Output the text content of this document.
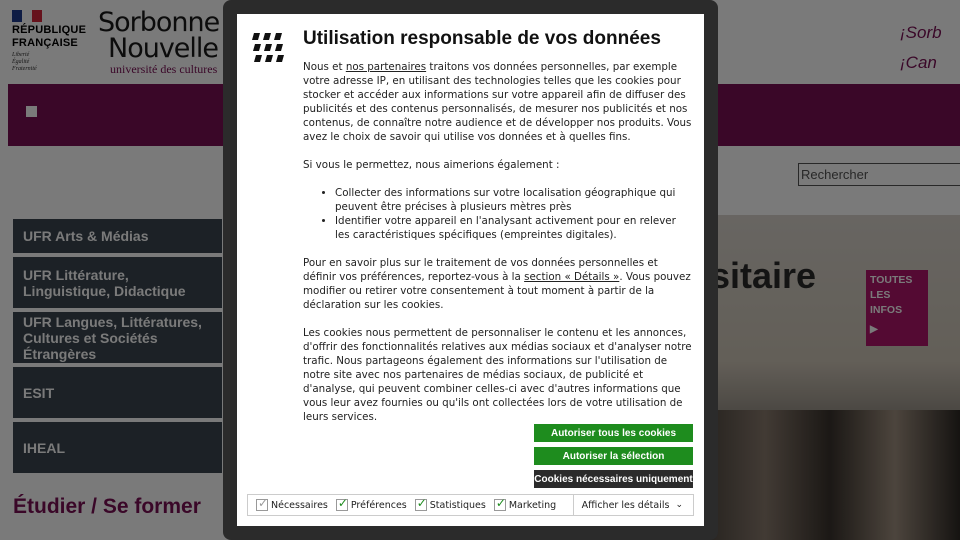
Utilisation responsable de vos données

Nous et nos partenaires traitons vos données personnelles, par exemple votre adresse IP, en utilisant des technologies telles que les cookies pour stocker et accéder aux informations sur votre appareil afin de diffuser des publicités et des contenus personnalisés, de mesurer nos publicités et nos contenus, de connaître notre audience et de développer nos produits. Vous avez le choix de savoir qui utilise vos données et à quelles fins.

Si vous le permettez, nous aimerions également :

• Collecter des informations sur votre localisation géographique qui peuvent être précises à plusieurs mètres près
• Identifier votre appareil en l'analysant activement pour en relever les caractéristiques spécifiques (empreintes digitales).

Pour en savoir plus sur le traitement de vos données personnelles et définir vos préférences, reportez-vous à la section « Détails ». Vous pouvez modifier ou retirer votre consentement à tout moment à partir de la déclaration sur les cookies.

Les cookies nous permettent de personnaliser le contenu et les annonces, d'offrir des fonctionnalités relatives aux médias sociaux et d'analyser notre trafic. Nous partageons également des informations sur l'utilisation de notre site avec nos partenaires de médias sociaux, de publicité et d'analyse, qui peuvent combiner celles-ci avec d'autres informations que vous leur avez fournies ou qu'ils ont collectées lors de votre utilisation de leurs services.

Autoriser tous les cookies
Autoriser la sélection
Cookies nécessaires uniquement
✓ Nécessaires ✓ Préférences ✓ Statistiques ✓ Marketing	Afficher les détails ⌄
